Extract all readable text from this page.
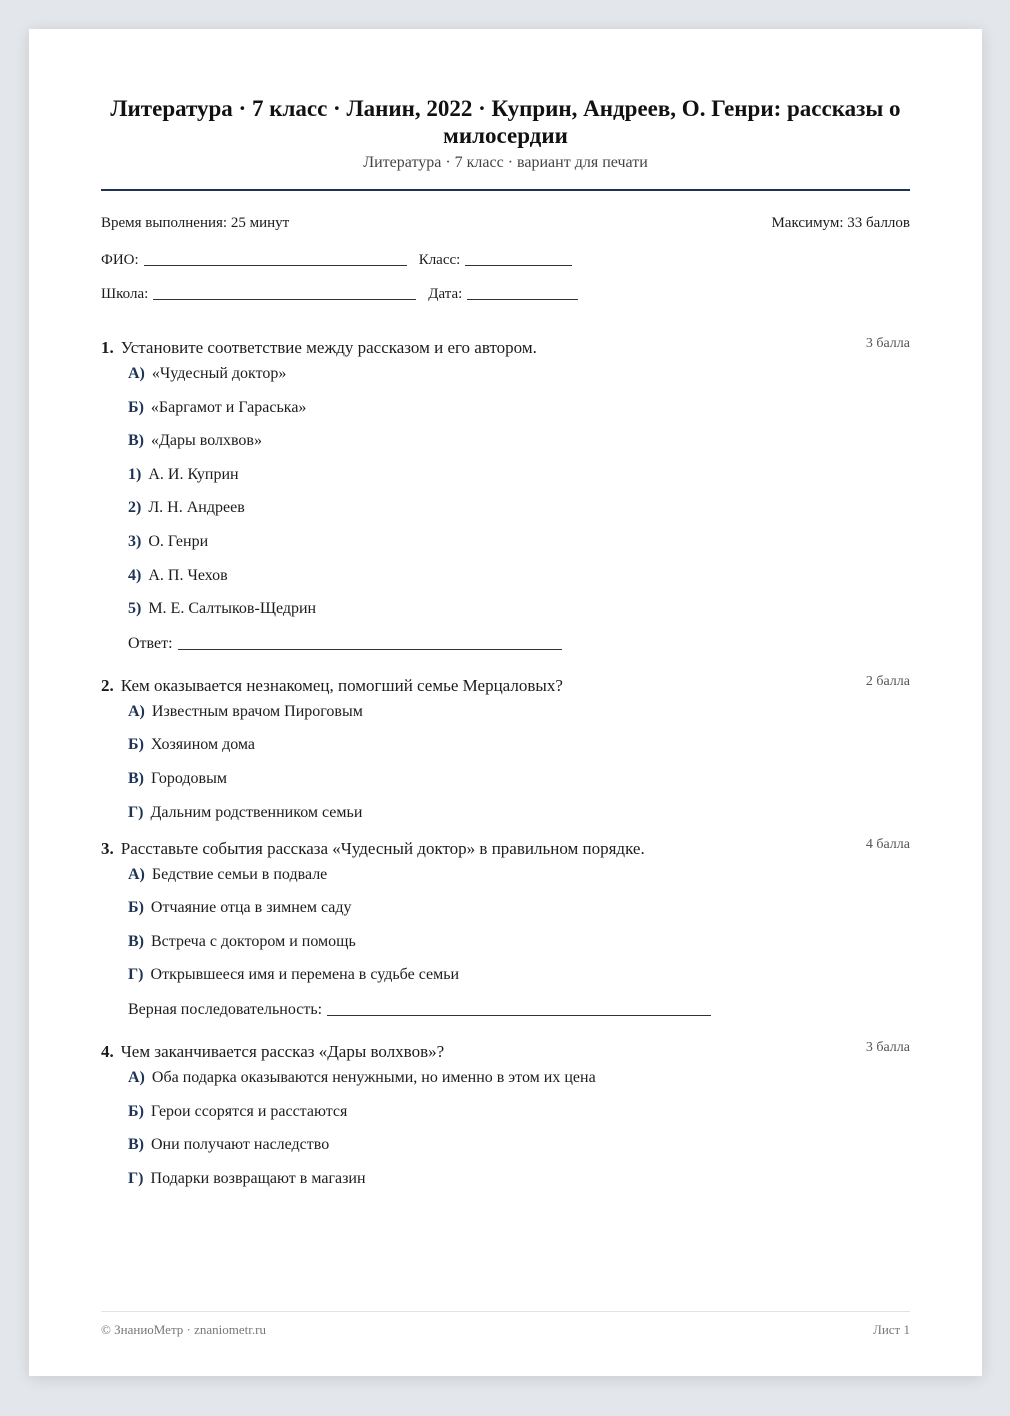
Литература · 7 класс · Ланин, 2022 · Куприн, Андреев, О. Генри: рассказы о милосердии
Литература · 7 класс · вариант для печати
Время выполнения: 25 минут	Максимум: 33 баллов
ФИО:	Класс:
Школа:	Дата:
1. Установите соответствие между рассказом и его автором.	3 балла
А) «Чудесный доктор»
Б) «Баргамот и Гараська»
В) «Дары волхвов»
1) А. И. Куприн
2) Л. Н. Андреев
3) О. Генри
4) А. П. Чехов
5) М. Е. Салтыков-Щедрин
Ответ:
2. Кем оказывается незнакомец, помогший семье Мерцаловых?	2 балла
А) Известным врачом Пироговым
Б) Хозяином дома
В) Городовым
Г) Дальним родственником семьи
3. Расставьте события рассказа «Чудесный доктор» в правильном порядке.	4 балла
А) Бедствие семьи в подвале
Б) Отчаяние отца в зимнем саду
В) Встреча с доктором и помощь
Г) Открывшееся имя и перемена в судьбе семьи
Верная последовательность:
4. Чем заканчивается рассказ «Дары волхвов»?	3 балла
А) Оба подарка оказываются ненужными, но именно в этом их цена
Б) Герои ссорятся и расстаются
В) Они получают наследство
Г) Подарки возвращают в магазин
© ЗнаниоМетр · znaniometr.ru	Лист 1
